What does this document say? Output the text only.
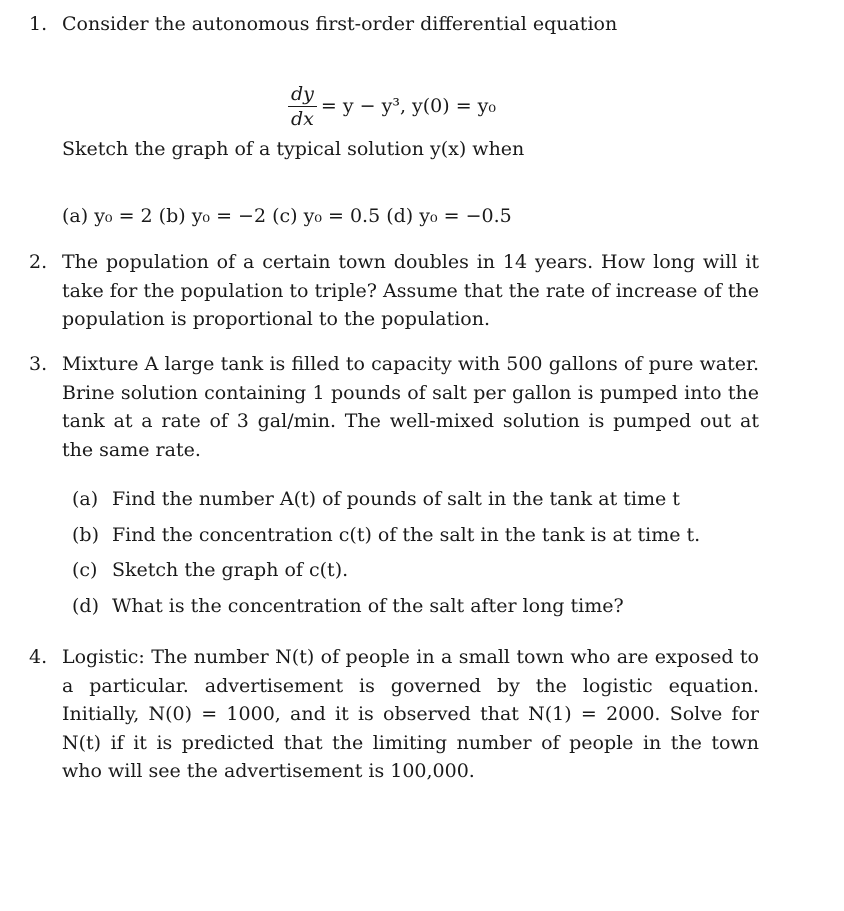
1. Consider the autonomous first-order differential equation
$\frac{dy}{dx} = y - y^3$, y(0) = y₀
Sketch the graph of a typical solution y(x) when
(a) y₀ = 2 (b) y₀ = −2 (c) y₀ = 0.5 (d) y₀ = −0.5
2. The population of a certain town doubles in 14 years. How long will it take for the population to triple? Assume that the rate of increase of the population is proportional to the population.
3. Mixture A large tank is filled to capacity with 500 gallons of pure water. Brine solution containing 1 pounds of salt per gallon is pumped into the tank at a rate of 3 gal/min. The well-mixed solution is pumped out at the same rate.
(a) Find the number A(t) of pounds of salt in the tank at time t
(b) Find the concentration c(t) of the salt in the tank is at time t.
(c) Sketch the graph of c(t).
(d) What is the concentration of the salt after long time?
4. Logistic: The number N(t) of people in a small town who are exposed to a particular. advertisement is governed by the logistic equation. Initially, N(0) = 1000, and it is observed that N(1) = 2000. Solve for N(t) if it is predicted that the limiting number of people in the town who will see the advertisement is 100,000.
